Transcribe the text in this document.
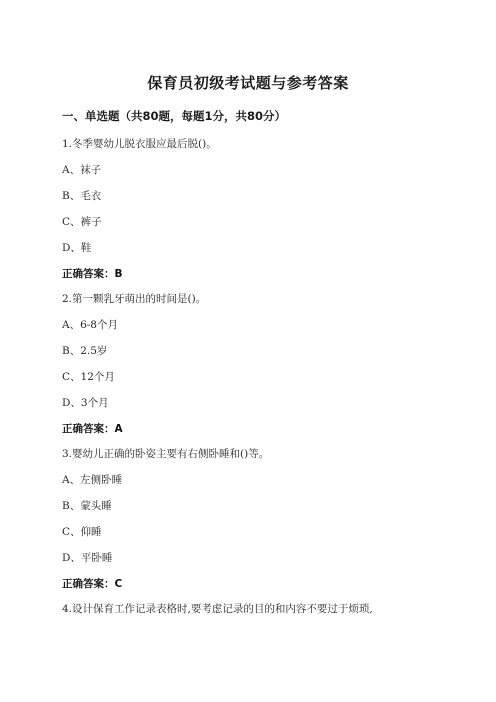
保育员初级考试题与参考答案
一、单选题（共80题，每题1分，共80分）
1.冬季婴幼儿脱衣服应最后脱()。
A、袜子
B、毛衣
C、裤子
D、鞋
正确答案：B
2.第一颗乳牙萌出的时间是()。
A、6-8个月
B、2.5岁
C、12个月
D、3个月
正确答案：A
3.婴幼儿正确的卧姿主要有右侧卧睡和()等。
A、左侧卧睡
B、蒙头睡
C、仰睡
D、平卧睡
正确答案：C
4.设计保育工作记录表格时,要考虑记录的目的和内容不要过于烦琐,
